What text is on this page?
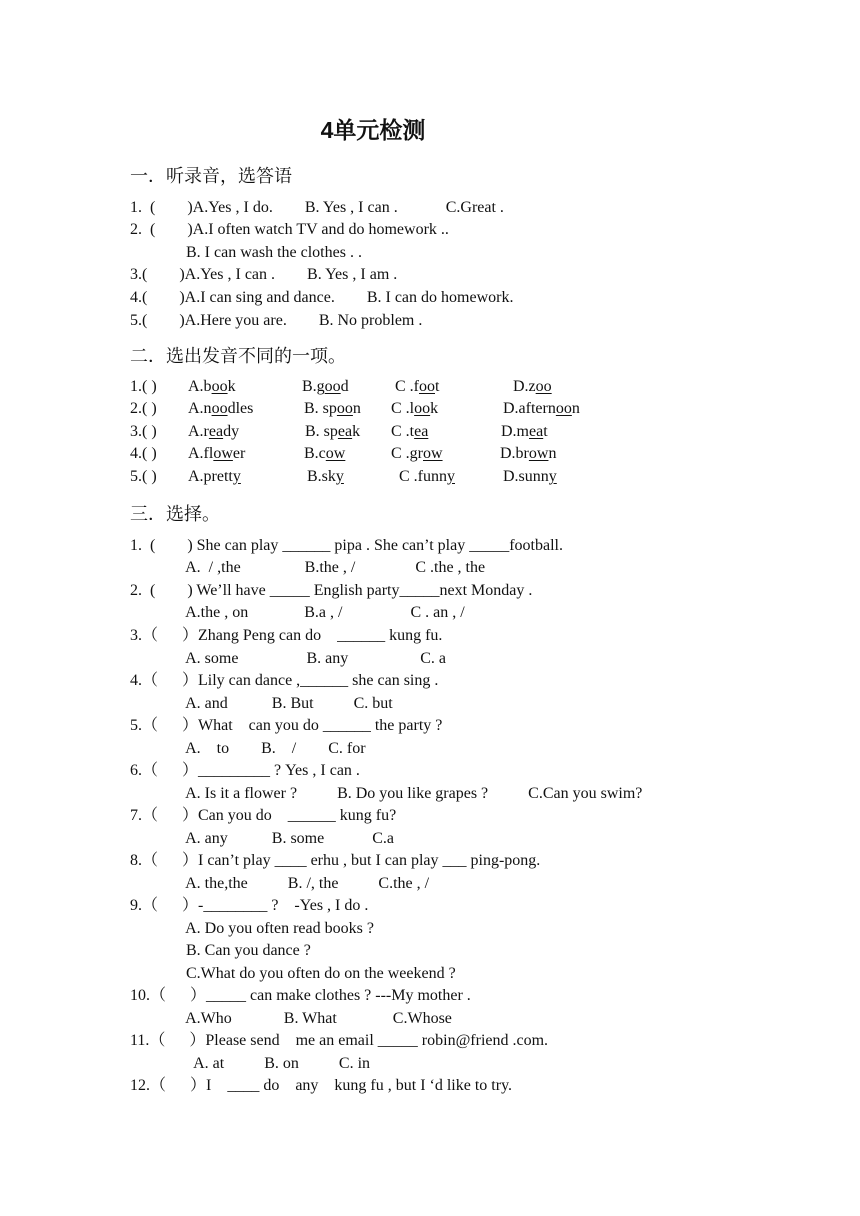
4单元检测
一．听录音，选答语
1.  (        )A.Yes , I do.        B. Yes , I can .            C.Great .
2.  (        )A.I often watch TV and do homework ..
B. I can wash the clothes . .
3.(        )A.Yes , I can .        B. Yes , I am .
4.(        )A.I can sing and dance.        B. I can do homework.
5.(        )A.Here you are.        B. No problem .
二．选出发音不同的一项。
1.( ) A.book	B.good	C .foot	D.zoo
2.( ) A.noodles	B. spoon C .look	D.afternoon
3.( ) A.ready	B. speak C .tea	D.meat
4.( ) A.flower	B.cow	C .grow	D.brown
5.( ) A.pretty	B.sky	C .funny	D.sunny
三．选择。
1.  (        ) She can play ______ pipa . She can’t play _____football.
A.  / ,the                B.the , /               C .the , the
2.  (        ) We’ll have _____ English party_____next Monday .
A.the , on              B.a , /                 C . an , /
3.（      ）Zhang Peng can do    ______ kung fu.
A. some                 B. any                  C. a
4.（      ）Lily can dance ,______ she can sing .
A. and           B. But          C. but
5.（      ）What    can you do ______ the party ?
A.    to        B.    /        C. for
6.（      ）_________ ? Yes , I can .
A. Is it a flower ?          B. Do you like grapes ?          C.Can you swim?
7.（      ）Can you do    ______ kung fu?
A. any           B. some            C.a
8.（      ）I can’t play ____ erhu , but I can play ___ ping-pong.
A. the,the          B. /, the          C.the , /
9.（      ）-________ ?    -Yes , I do .
A. Do you often read books ?
B. Can you dance ?
C.What do you often do on the weekend ?
10.（      ）_____ can make clothes ? ---My mother .
A.Who             B. What              C.Whose
11.（      ）Please send    me an email _____ robin@friend .com.
A. at          B. on          C. in
12.（      ）I    ____ do    any    kung fu , but I ‘d like to try.
